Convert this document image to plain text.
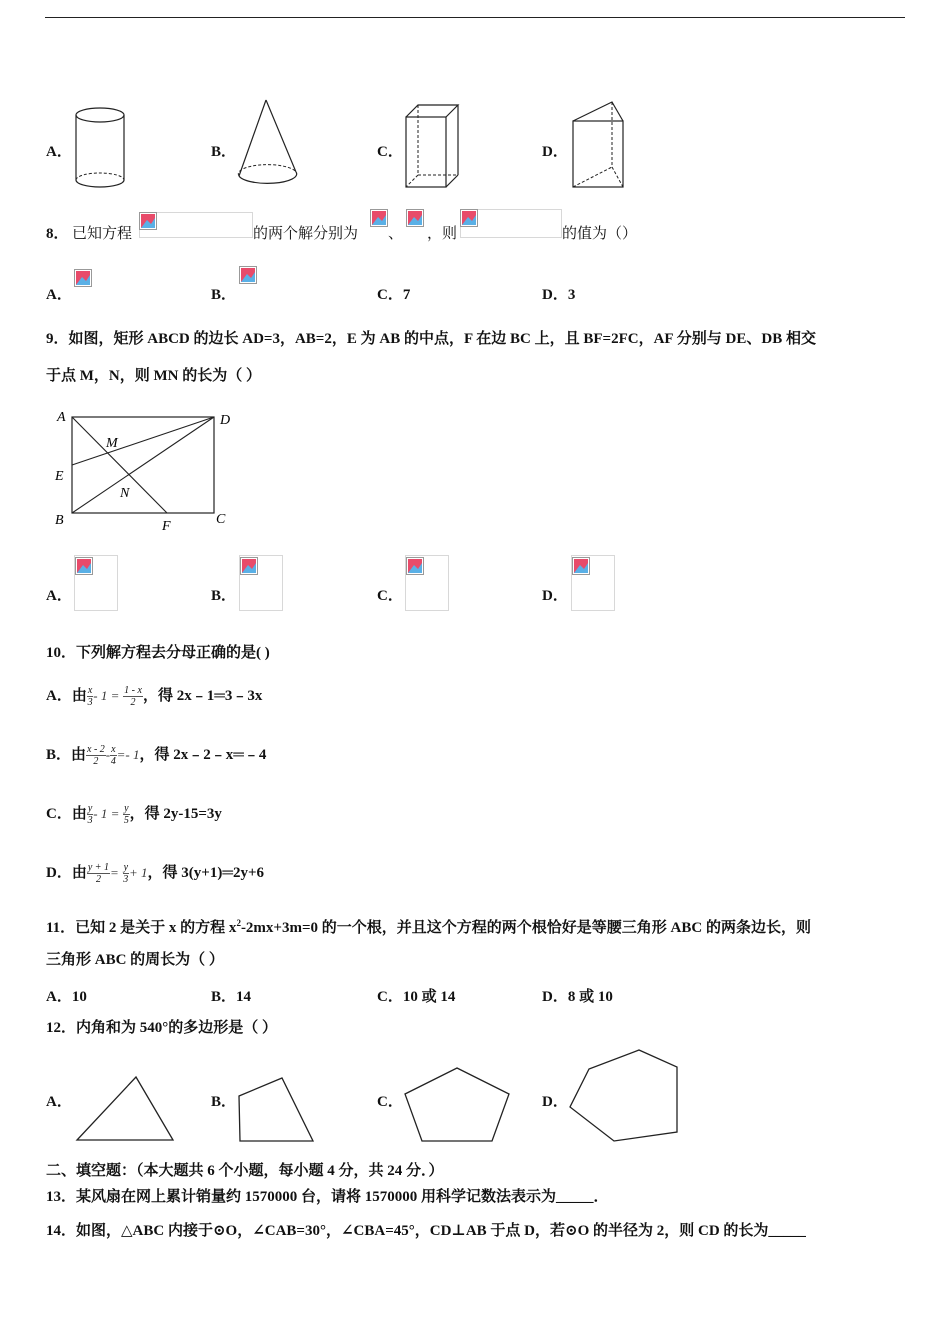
A．	B．	C．	D．
8． 已知方程	的两个解分别为 、 ，则	的值为（）
A．	B．	C．7	D．3
9．如图，矩形 ABCD 的边长 AD=3，AB=2，E 为 AB 的中点，F 在边 BC 上，且 BF=2FC，AF 分别与 DE、DB 相交
于点 M，N，则 MN 的长为（ ）
A	D
E
B	C
F
M
N
A．	B．	C．	D．
10．下列解方程去分母正确的是( )
A．由 $\frac{x}{3} - 1 = \frac{1 - x}{2}$ ，得 2x﹣1═3﹣3x
B．由 $\frac{x - 2}{2} - \frac{x}{4} =- 1$，得 2x﹣2﹣x═﹣4
C．由 $\frac{y}{3} - 1 = \frac{y}{5}$ ，得 2y-15=3y
D．由 $\frac{y + 1}{2} = \frac{y}{3} + 1$，得 3(y+1)═2y+6
11．已知 2 是关于 x 的方程 $x^2-2mx+3m=0$ 的一个根，并且这个方程的两个根恰好是等腰三角形 ABC 的两条边长，则
三角形 ABC 的周长为（ ）
A．10	B．14	C．10 或 14	D．8 或 10
12．内角和为 540°的多边形是（ ）
A．	B．	C．	D．
二、填空题：（本大题共 6 个小题，每小题 4 分，共 24 分．）
13．某风扇在网上累计销量约 1570000 台，请将 1570000 用科学记数法表示为_____．
14．如图，△ABC 内接于⊙O，∠CAB=30°，∠CBA=45°，CD⊥AB 于点 D，若⊙O 的半径为 2，则 CD 的长为_____
